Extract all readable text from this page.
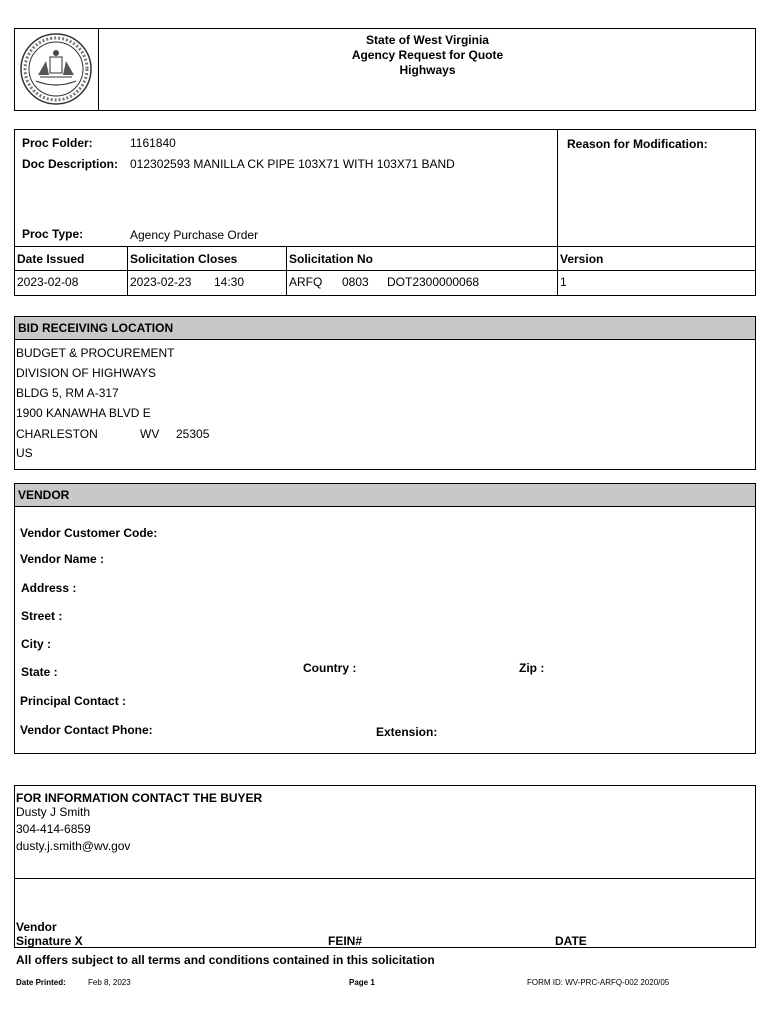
State of West Virginia
Agency Request for Quote
Highways
Proc Folder:	1161840
Doc Description: 012302593 MANILLA CK PIPE 103X71 WITH 103X71 BAND
Reason for Modification:
Proc Type:	Agency Purchase Order
Date Issued	Solicitation Closes	Solicitation No	Version
2023-02-08	2023-02-23 14:30	ARFQ 0803 DOT2300000068	1
BID RECEIVING LOCATION
BUDGET & PROCUREMENT
DIVISION OF HIGHWAYS
BLDG 5, RM A-317
1900 KANAWHA BLVD E
CHARLESTON	WV 25305
US
VENDOR
Vendor Customer Code:
Vendor Name :
Address :
Street :
City :
State :	Country :	Zip :
Principal Contact :
Vendor Contact Phone:	Extension:
FOR INFORMATION CONTACT THE BUYER
Dusty J Smith
304-414-6859
dusty.j.smith@wv.gov
Vendor
Signature X	FEIN#	DATE
All offers subject to all terms and conditions contained in this solicitation
Date Printed:	Feb 8, 2023	Page 1	FORM ID: WV-PRC-ARFQ-002 2020/05
